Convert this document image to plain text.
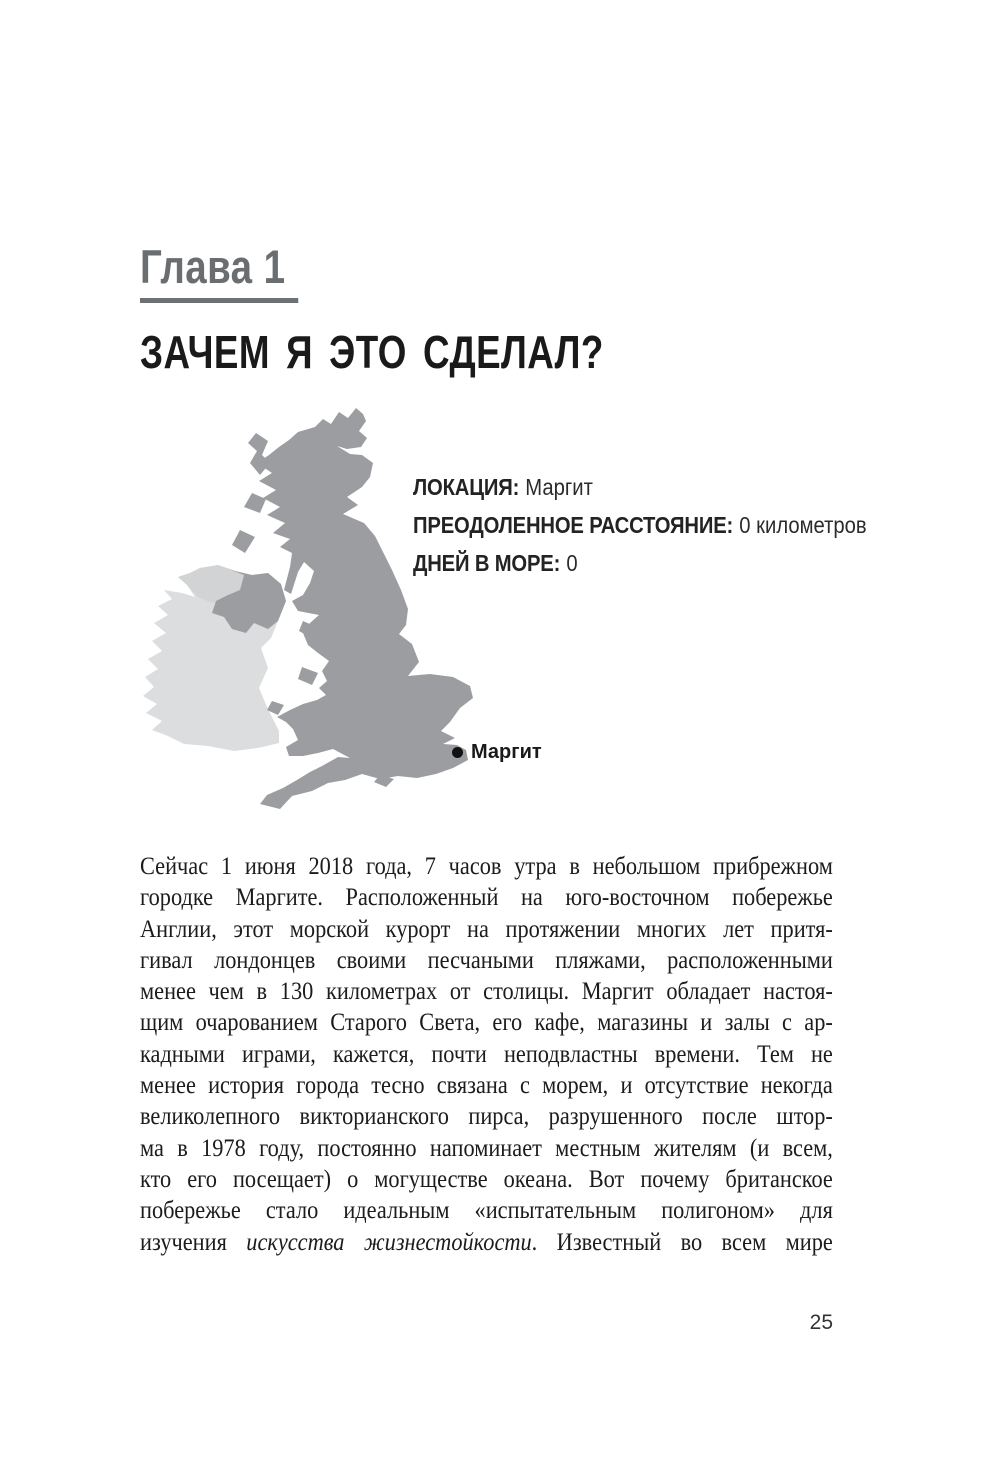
Глава 1
ЗАЧЕМ Я ЭТО СДЕЛАЛ?
ЛОКАЦИЯ: Маргит
ПРЕОДОЛЕННОЕ РАССТОЯНИЕ: 0 километров
ДНЕЙ В МОРЕ: 0
Маргит
Сейчас 1 июня 2018 года, 7 часов утра в небольшом прибрежном
городке Маргите. Расположенный на юго-восточном побережье
Англии, этот морской курорт на протяжении многих лет притя-
гивал лондонцев своими песчаными пляжами, расположенными
менее чем в 130 километрах от столицы. Маргит обладает настоя-
щим очарованием Старого Света, его кафе, магазины и залы с ар-
кадными играми, кажется, почти неподвластны времени. Тем не
менее история города тесно связана с морем, и отсутствие некогда
великолепного викторианского пирса, разрушенного после штор-
ма в 1978 году, постоянно напоминает местным жителям (и всем,
кто его посещает) о могуществе океана. Вот почему британское
побережье стало идеальным «испытательным полигоном» для
изучения искусства жизнестойкости. Известный во всем мире
25
